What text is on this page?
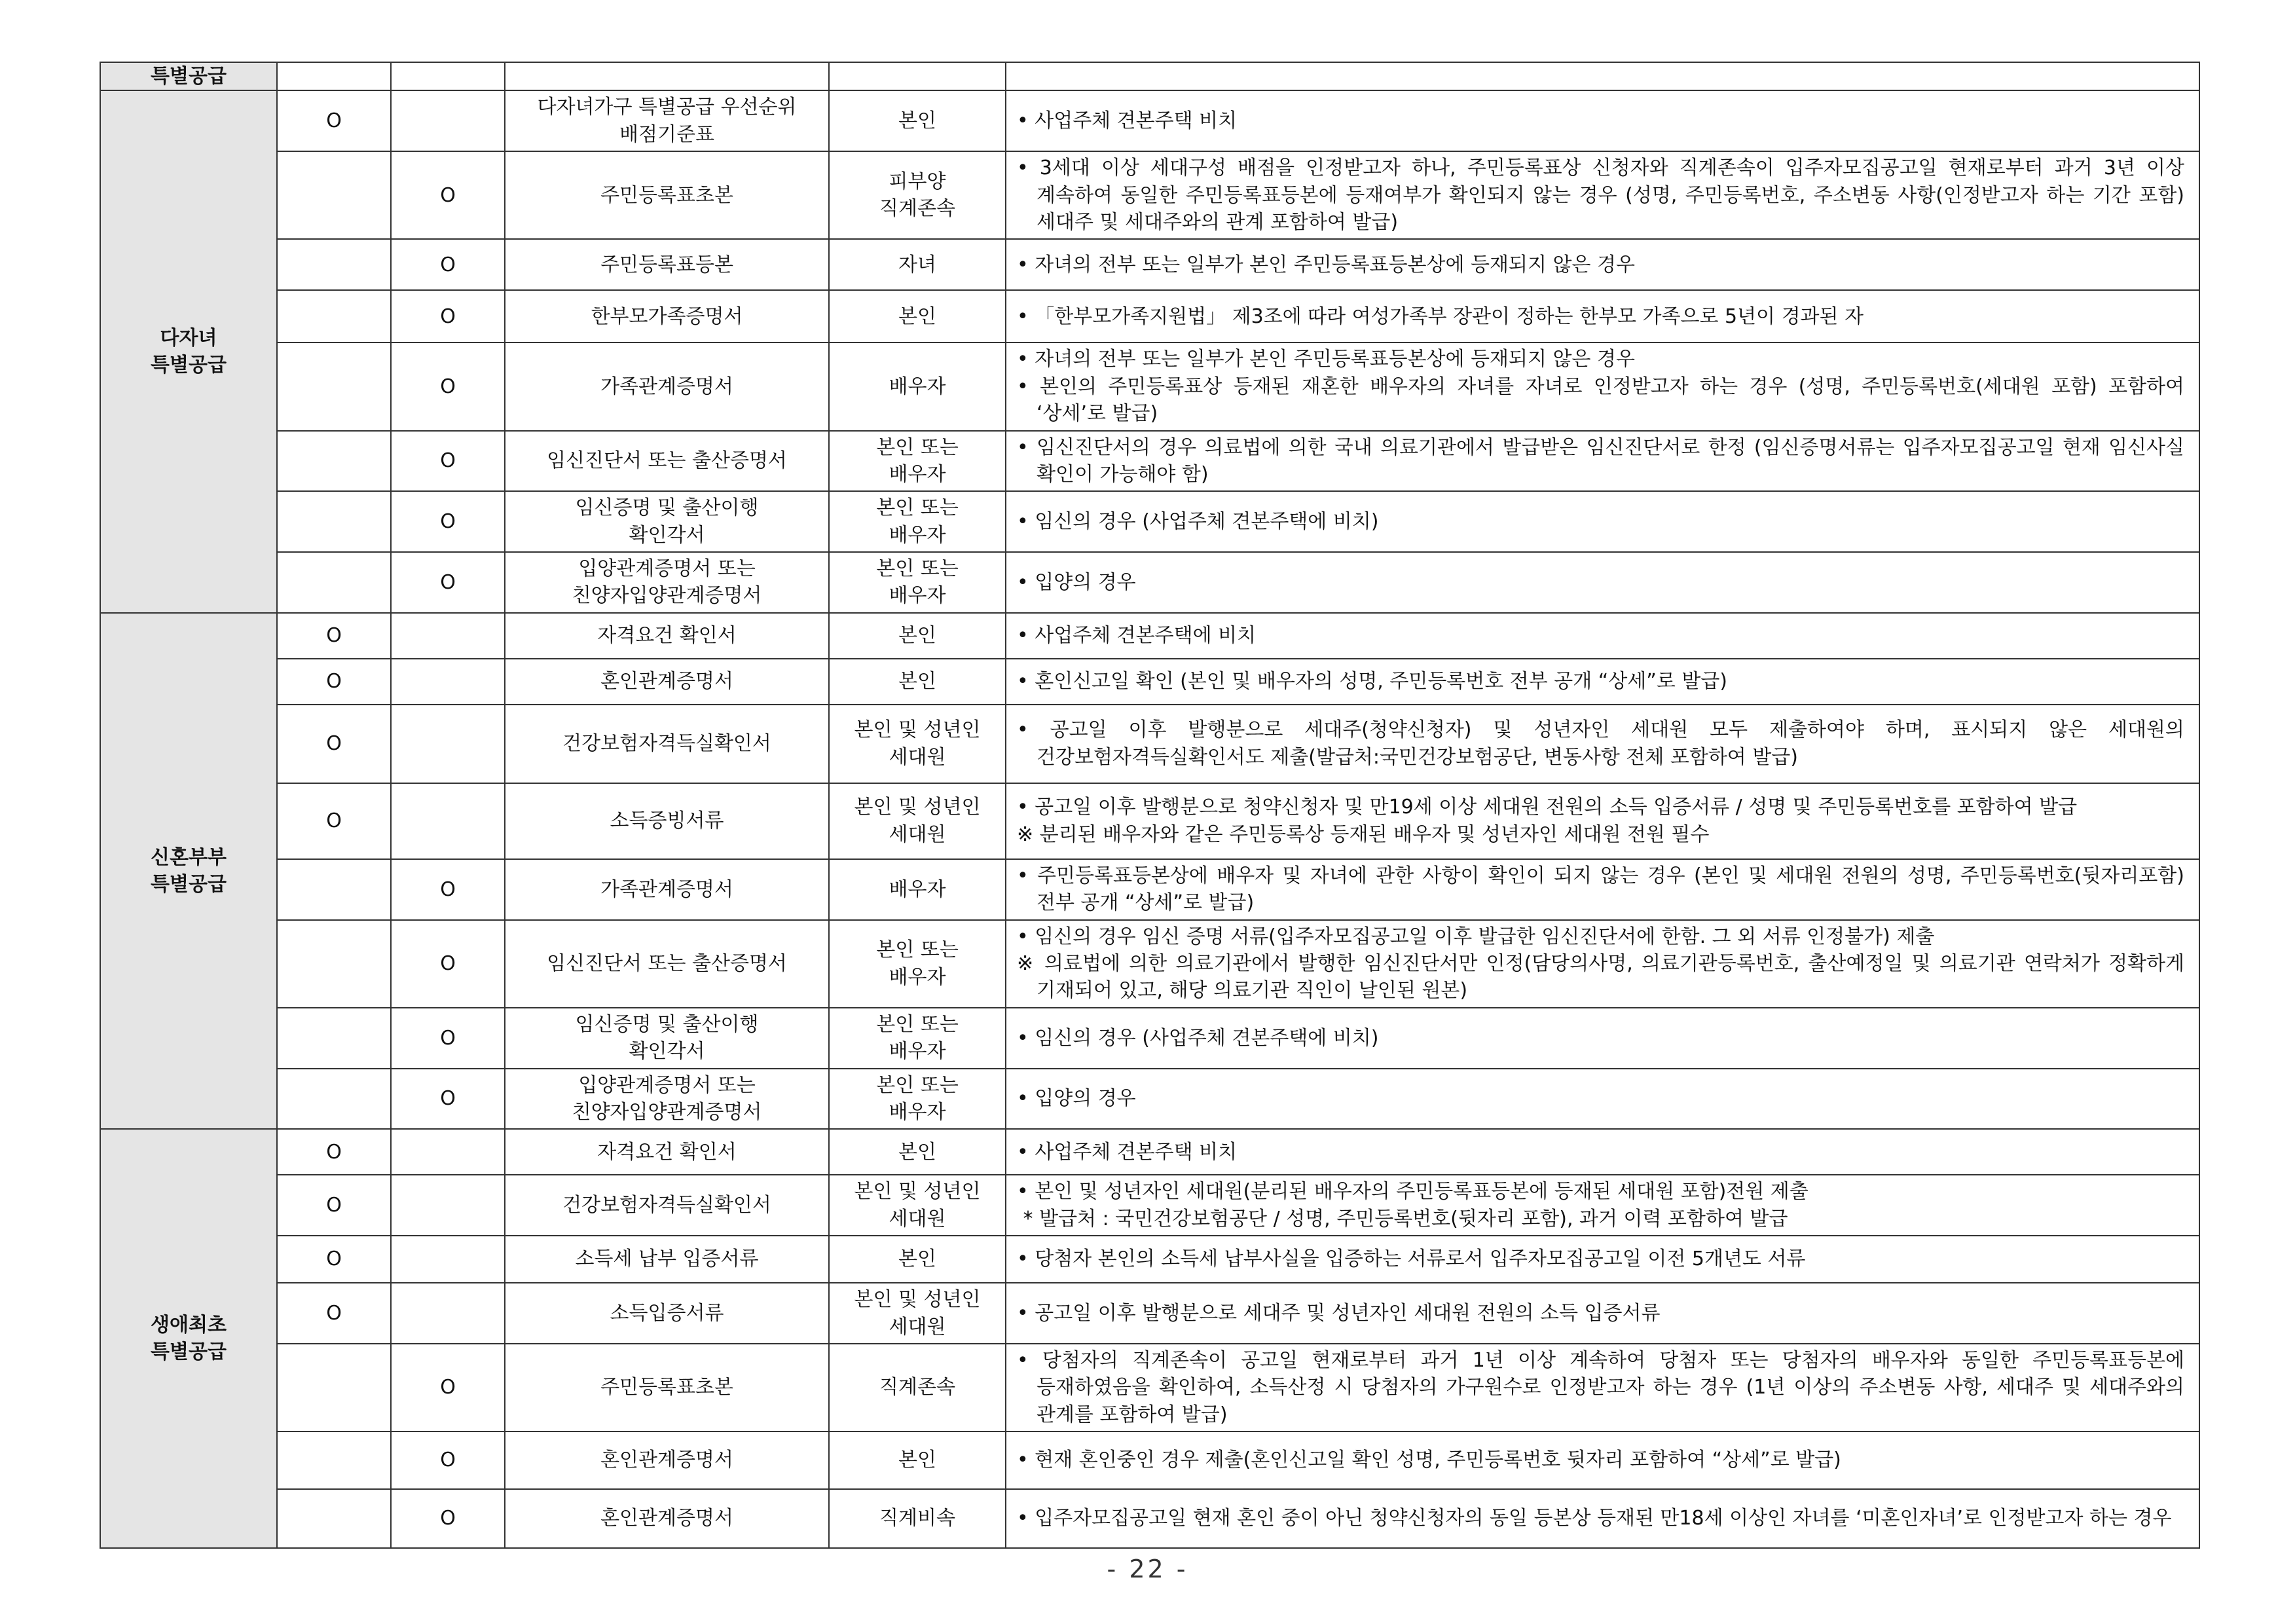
특별공급					
다자녀
특별공급	O		다자녀가구 특별공급 우선순위
배점기준표	본인	• 사업주체 견본주택 비치

		O	주민등록표초본	피부양
직계존속	• 3세대 이상 세대구성 배점을 인정받고자 하나, 주민등록표상 신청자와 직계존속이 입주자모집공고일 현재로부터 과거 3년 이상 계속하여 동일한 주민등록표등본에 등재여부가 확인되지 않는 경우 (성명, 주민등록번호, 주소변동 사항(인정받고자 하는 기간 포함) 세대주 및 세대주와의 관계 포함하여 발급)

		O	주민등록표등본	자녀	• 자녀의 전부 또는 일부가 본인 주민등록표등본상에 등재되지 않은 경우

		O	한부모가족증명서	본인	• 「한부모가족지원법」 제3조에 따라 여성가족부 장관이 정하는 한부모 가족으로 5년이 경과된 자

		O	가족관계증명서	배우자	• 자녀의 전부 또는 일부가 본인 주민등록표등본상에 등재되지 않은 경우
• 본인의 주민등록표상 등재된 재혼한 배우자의 자녀를 자녀로 인정받고자 하는 경우 (성명, 주민등록번호(세대원 포함) 포함하여 ‘상세’로 발급)

		O	임신진단서 또는 출산증명서	본인 또는
배우자	• 임신진단서의 경우 의료법에 의한 국내 의료기관에서 발급받은 임신진단서로 한정 (임신증명서류는 입주자모집공고일 현재 임신사실 확인이 가능해야 함)

		O	임신증명 및 출산이행
확인각서	본인 또는
배우자	• 임신의 경우 (사업주체 견본주택에 비치)

		O	입양관계증명서 또는
친양자입양관계증명서	본인 또는
배우자	• 입양의 경우

신혼부부
특별공급	O		자격요건 확인서	본인	• 사업주체 견본주택에 비치

	O		혼인관계증명서	본인	• 혼인신고일 확인 (본인 및 배우자의 성명, 주민등록번호 전부 공개 “상세”로 발급)

	O		건강보험자격득실확인서	본인 및 성년인
세대원	• 공고일 이후 발행분으로 세대주(청약신청자) 및 성년자인 세대원 모두 제출하여야 하며, 표시되지 않은 세대원의 건강보험자격득실확인서도 제출(발급처:국민건강보험공단, 변동사항 전체 포함하여 발급)

	O		소득증빙서류	본인 및 성년인
세대원	• 공고일 이후 발행분으로 청약신청자 및 만19세 이상 세대원 전원의 소득 입증서류 / 성명 및 주민등록번호를 포함하여 발급
※ 분리된 배우자와 같은 주민등록상 등재된 배우자 및 성년자인 세대원 전원 필수

		O	가족관계증명서	배우자	• 주민등록표등본상에 배우자 및 자녀에 관한 사항이 확인이 되지 않는 경우 (본인 및 세대원 전원의 성명, 주민등록번호(뒷자리포함) 전부 공개 “상세”로 발급)

		O	임신진단서 또는 출산증명서	본인 또는
배우자	• 임신의 경우 임신 증명 서류(입주자모집공고일 이후 발급한 임신진단서에 한함. 그 외 서류 인정불가) 제출
※ 의료법에 의한 의료기관에서 발행한 임신진단서만 인정(담당의사명, 의료기관등록번호, 출산예정일 및 의료기관 연락처가 정확하게 기재되어 있고, 해당 의료기관 직인이 날인된 원본)

		O	임신증명 및 출산이행
확인각서	본인 또는
배우자	• 임신의 경우 (사업주체 견본주택에 비치)

		O	입양관계증명서 또는
친양자입양관계증명서	본인 또는
배우자	• 입양의 경우

생애최초
특별공급	O		자격요건 확인서	본인	• 사업주체 견본주택 비치

	O		건강보험자격득실확인서	본인 및 성년인
세대원	• 본인 및 성년자인 세대원(분리된 배우자의 주민등록표등본에 등재된 세대원 포함)전원 제출
* 발급처 : 국민건강보험공단 / 성명, 주민등록번호(뒷자리 포함), 과거 이력 포함하여 발급

	O		소득세 납부 입증서류	본인	• 당첨자 본인의 소득세 납부사실을 입증하는 서류로서 입주자모집공고일 이전 5개년도 서류

	O		소득입증서류	본인 및 성년인
세대원	• 공고일 이후 발행분으로 세대주 및 성년자인 세대원 전원의 소득 입증서류

		O	주민등록표초본	직계존속	• 당첨자의 직계존속이 공고일 현재로부터 과거 1년 이상 계속하여 당첨자 또는 당첨자의 배우자와 동일한 주민등록표등본에 등재하였음을 확인하여, 소득산정 시 당첨자의 가구원수로 인정받고자 하는 경우 (1년 이상의 주소변동 사항, 세대주 및 세대주와의 관계를 포함하여 발급)

		O	혼인관계증명서	본인	• 현재 혼인중인 경우 제출(혼인신고일 확인 성명, 주민등록번호 뒷자리 포함하여 “상세”로 발급)

		O	혼인관계증명서	직계비속	• 입주자모집공고일 현재 혼인 중이 아닌 청약신청자의 동일 등본상 등재된 만18세 이상인 자녀를 ‘미혼인자녀’로 인정받고자 하는 경우
- 22 -
